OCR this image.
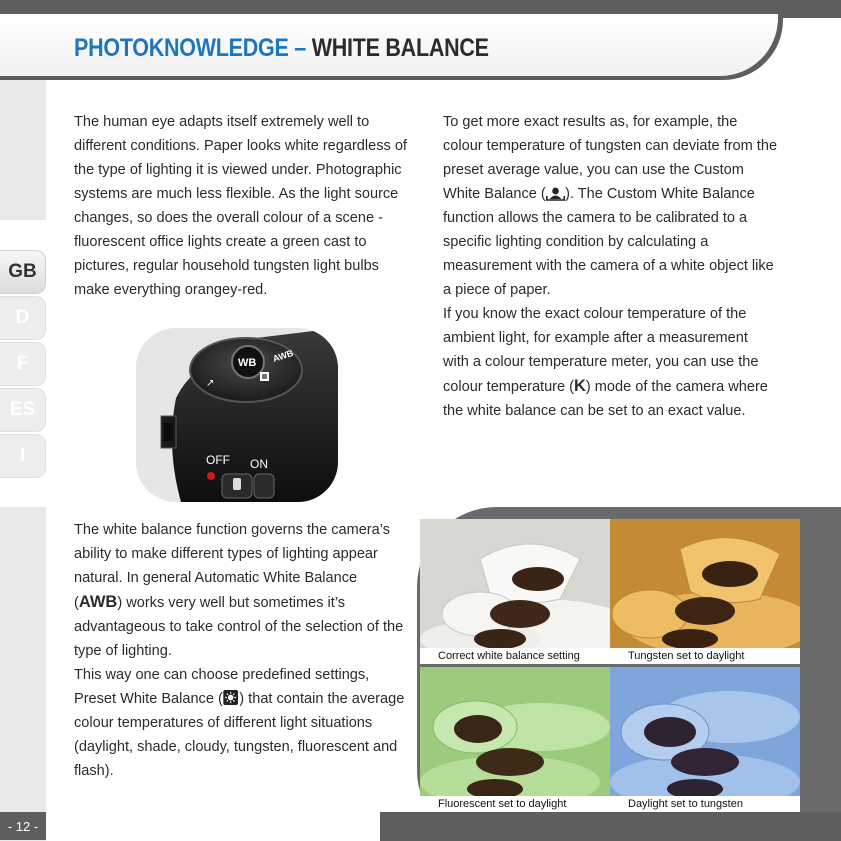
PHOTOKNOWLEDGE – WHITE BALANCE
GB
D
F
ES
I

The human eye adapts itself extremely well to different conditions. Paper looks white regardless of the type of lighting it is viewed under. Photographic systems are much less flexible. As the light source changes, so does the overall colour of a scene - fluorescent office lights create a green cast to pictures, regular household tungsten light bulbs make everything orangey-red.

WB AWB
↗
OFF ON

To get more exact results as, for example, the colour temperature of tungsten can deviate from the preset average value, you can use the Custom White Balance ( ). The Custom White Balance function allows the camera to be calibrated to a specific lighting condition by calculating a measurement with the camera of a white object like a piece of paper.

If you know the exact colour temperature of the ambient light, for example after a measurement with a colour temperature meter, you can use the colour temperature (K) mode of the camera where the white balance can be set to an exact value.

The white balance function governs the camera’s ability to make different types of lighting appear natural. In general Automatic White Balance (AWB) works very well but sometimes it’s advantageous to take control of the selection of the type of lighting.

This way one can choose predefined settings, Preset White Balance ( ) that contain the average colour temperatures of different light situations (daylight, shade, cloudy, tungsten, fluorescent and flash).

Correct white balance setting	Tungsten set to daylight
Fluorescent set to daylight	Daylight set to tungsten
- 12 -
